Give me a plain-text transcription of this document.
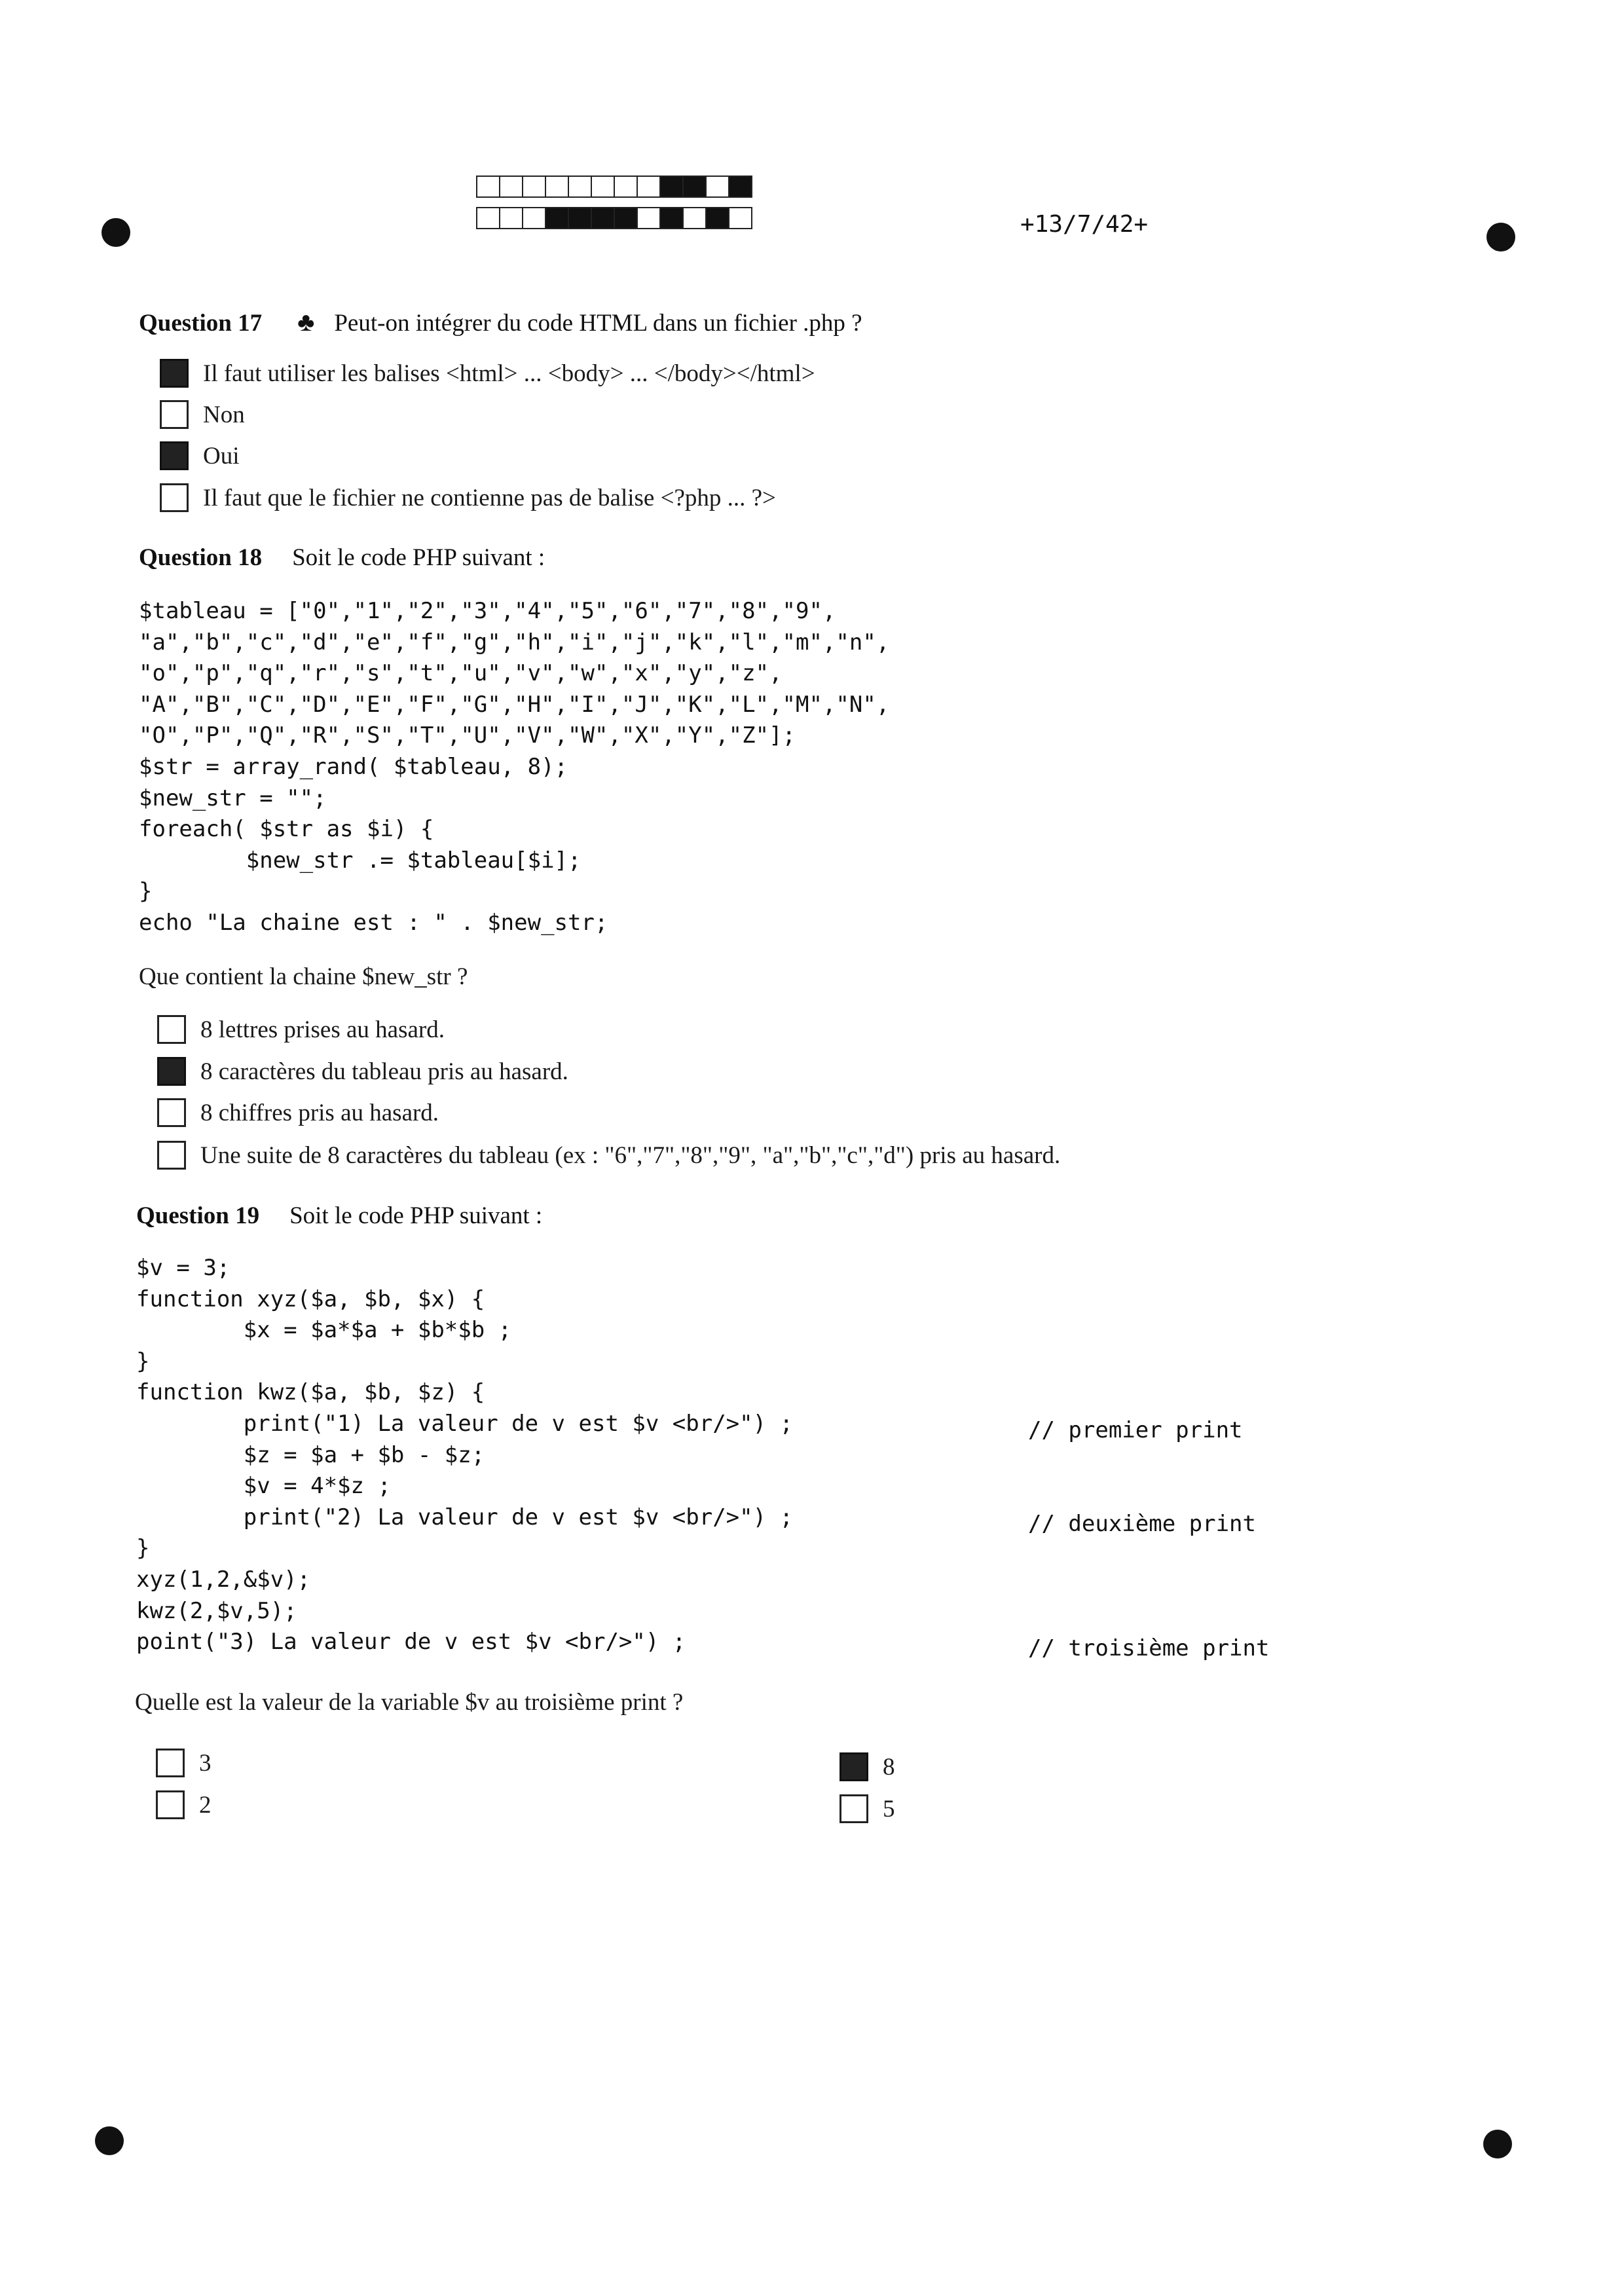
+13/7/42+
Question 17 ♣ Peut-on intégrer du code HTML dans un fichier .php ?
Il faut utiliser les balises <html> ... <body> ... </body></html>
Non
Oui
Il faut que le fichier ne contienne pas de balise <?php ... ?>
Question 18 Soit le code PHP suivant :
$tableau = ["0","1","2","3","4","5","6","7","8","9",
"a","b","c","d","e","f","g","h","i","j","k","l","m","n",
"o","p","q","r","s","t","u","v","w","x","y","z",
"A","B","C","D","E","F","G","H","I","J","K","L","M","N",
"O","P","Q","R","S","T","U","V","W","X","Y","Z"];
$str = array_rand( $tableau, 8);
$new_str = "";
foreach( $str as $i) {
$new_str .= $tableau[$i];
}
echo "La chaine est : " . $new_str;
Que contient la chaine $new_str ?
8 lettres prises au hasard.
8 caractères du tableau pris au hasard.
8 chiffres pris au hasard.
Une suite de 8 caractères du tableau (ex : "6","7","8","9", "a","b","c","d") pris au hasard.
Question 19 Soit le code PHP suivant :
$v = 3;
function xyz($a, $b, $x) {
$x = $a*$a + $b*$b ;
}
function kwz($a, $b, $z) {
print("1) La valeur de v est $v <br/>") ;
$z = $a + $b - $z;
$v = 4*$z ;
print("2) La valeur de v est $v <br/>") ;
}
xyz(1,2,&$v);
kwz(2,$v,5);
point("3) La valeur de v est $v <br/>") ;
// premier print
// deuxième print
// troisième print
Quelle est la valeur de la variable $v au troisième print ?
3
2
8
5
